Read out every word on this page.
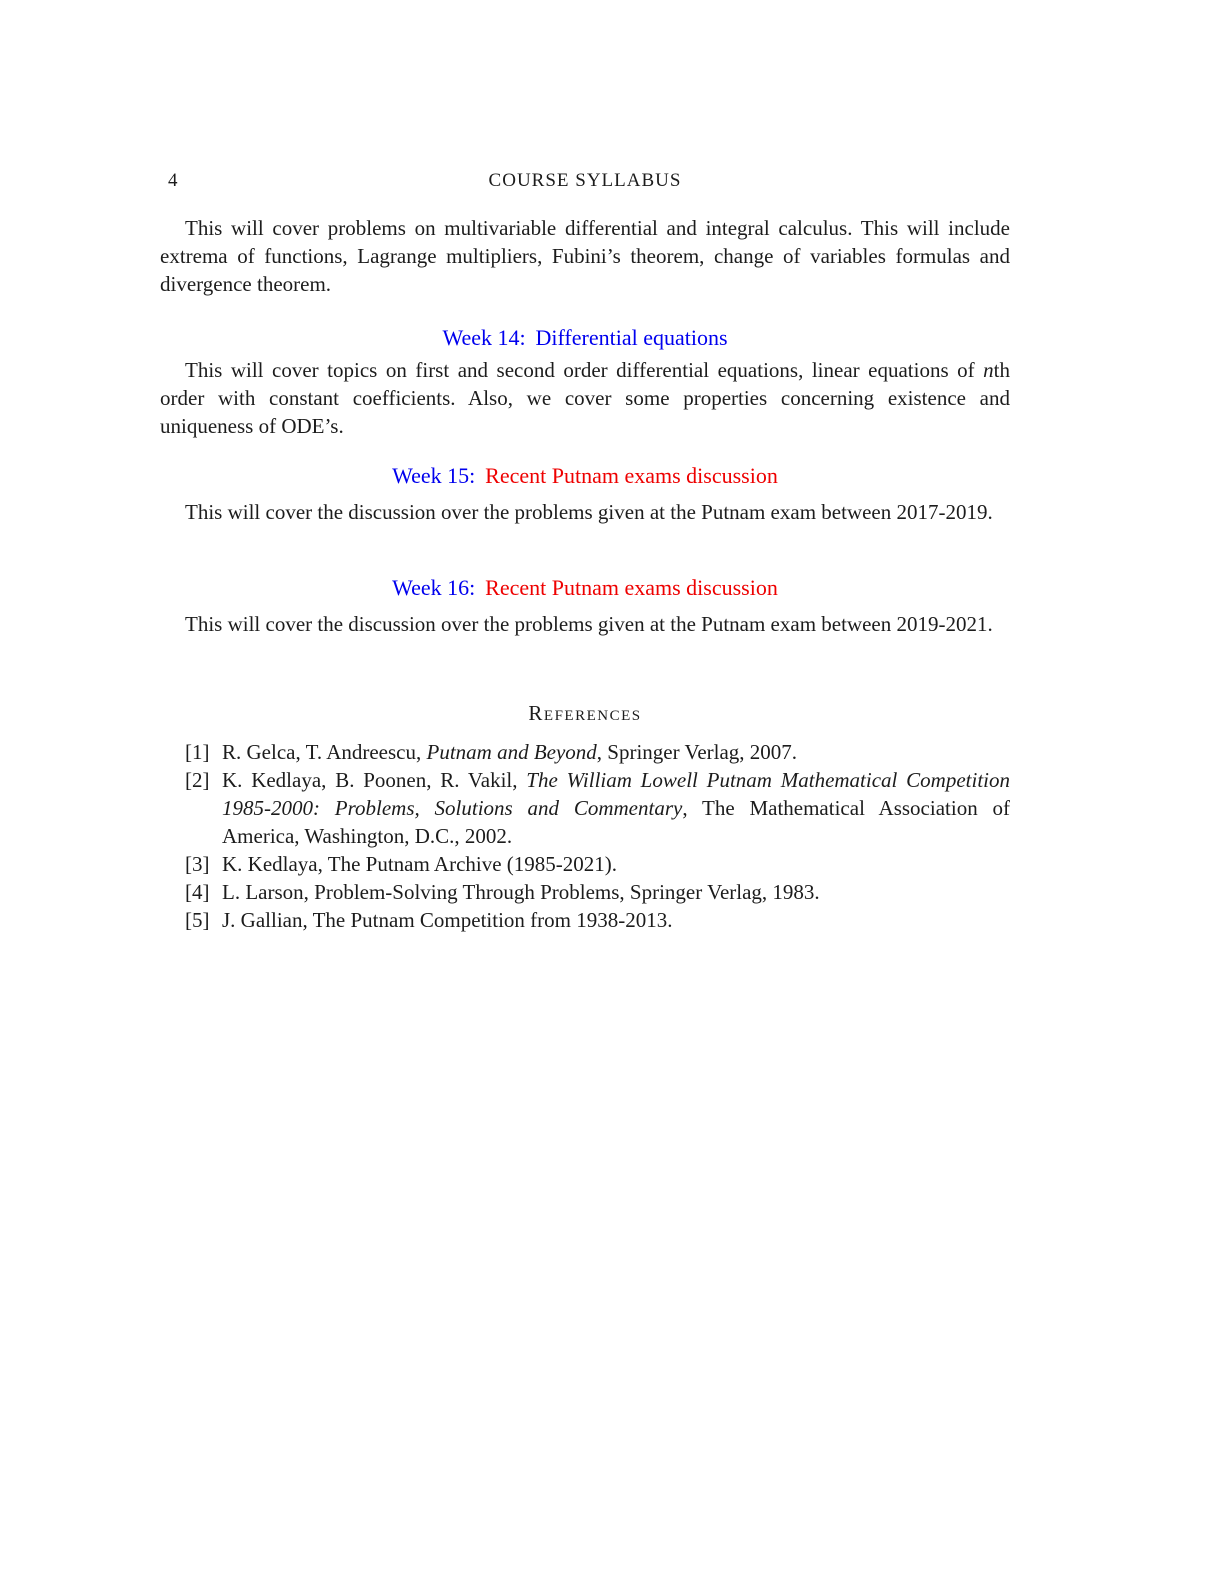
4	COURSE SYLLABUS

This will cover problems on multivariable differential and integral calculus. This will include extrema of functions, Lagrange multipliers, Fubini’s theorem, change of variables formulas and divergence theorem.

Week 14: Differential equations

This will cover topics on first and second order differential equations, linear equations of nth order with constant coefficients. Also, we cover some properties concerning existence and uniqueness of ODE’s.

Week 15: Recent Putnam exams discussion

This will cover the discussion over the problems given at the Putnam exam between 2017-2019.

Week 16: Recent Putnam exams discussion

This will cover the discussion over the problems given at the Putnam exam between 2019-2021.

References
[1] R. Gelca, T. Andreescu, Putnam and Beyond, Springer Verlag, 2007.
[2] K. Kedlaya, B. Poonen, R. Vakil, The William Lowell Putnam Mathematical Competition 1985-2000: Problems, Solutions and Commentary, The Mathematical Association of America, Washington, D.C., 2002.
[3] K. Kedlaya, The Putnam Archive (1985-2021).
[4] L. Larson, Problem-Solving Through Problems, Springer Verlag, 1983.
[5] J. Gallian, The Putnam Competition from 1938-2013.
